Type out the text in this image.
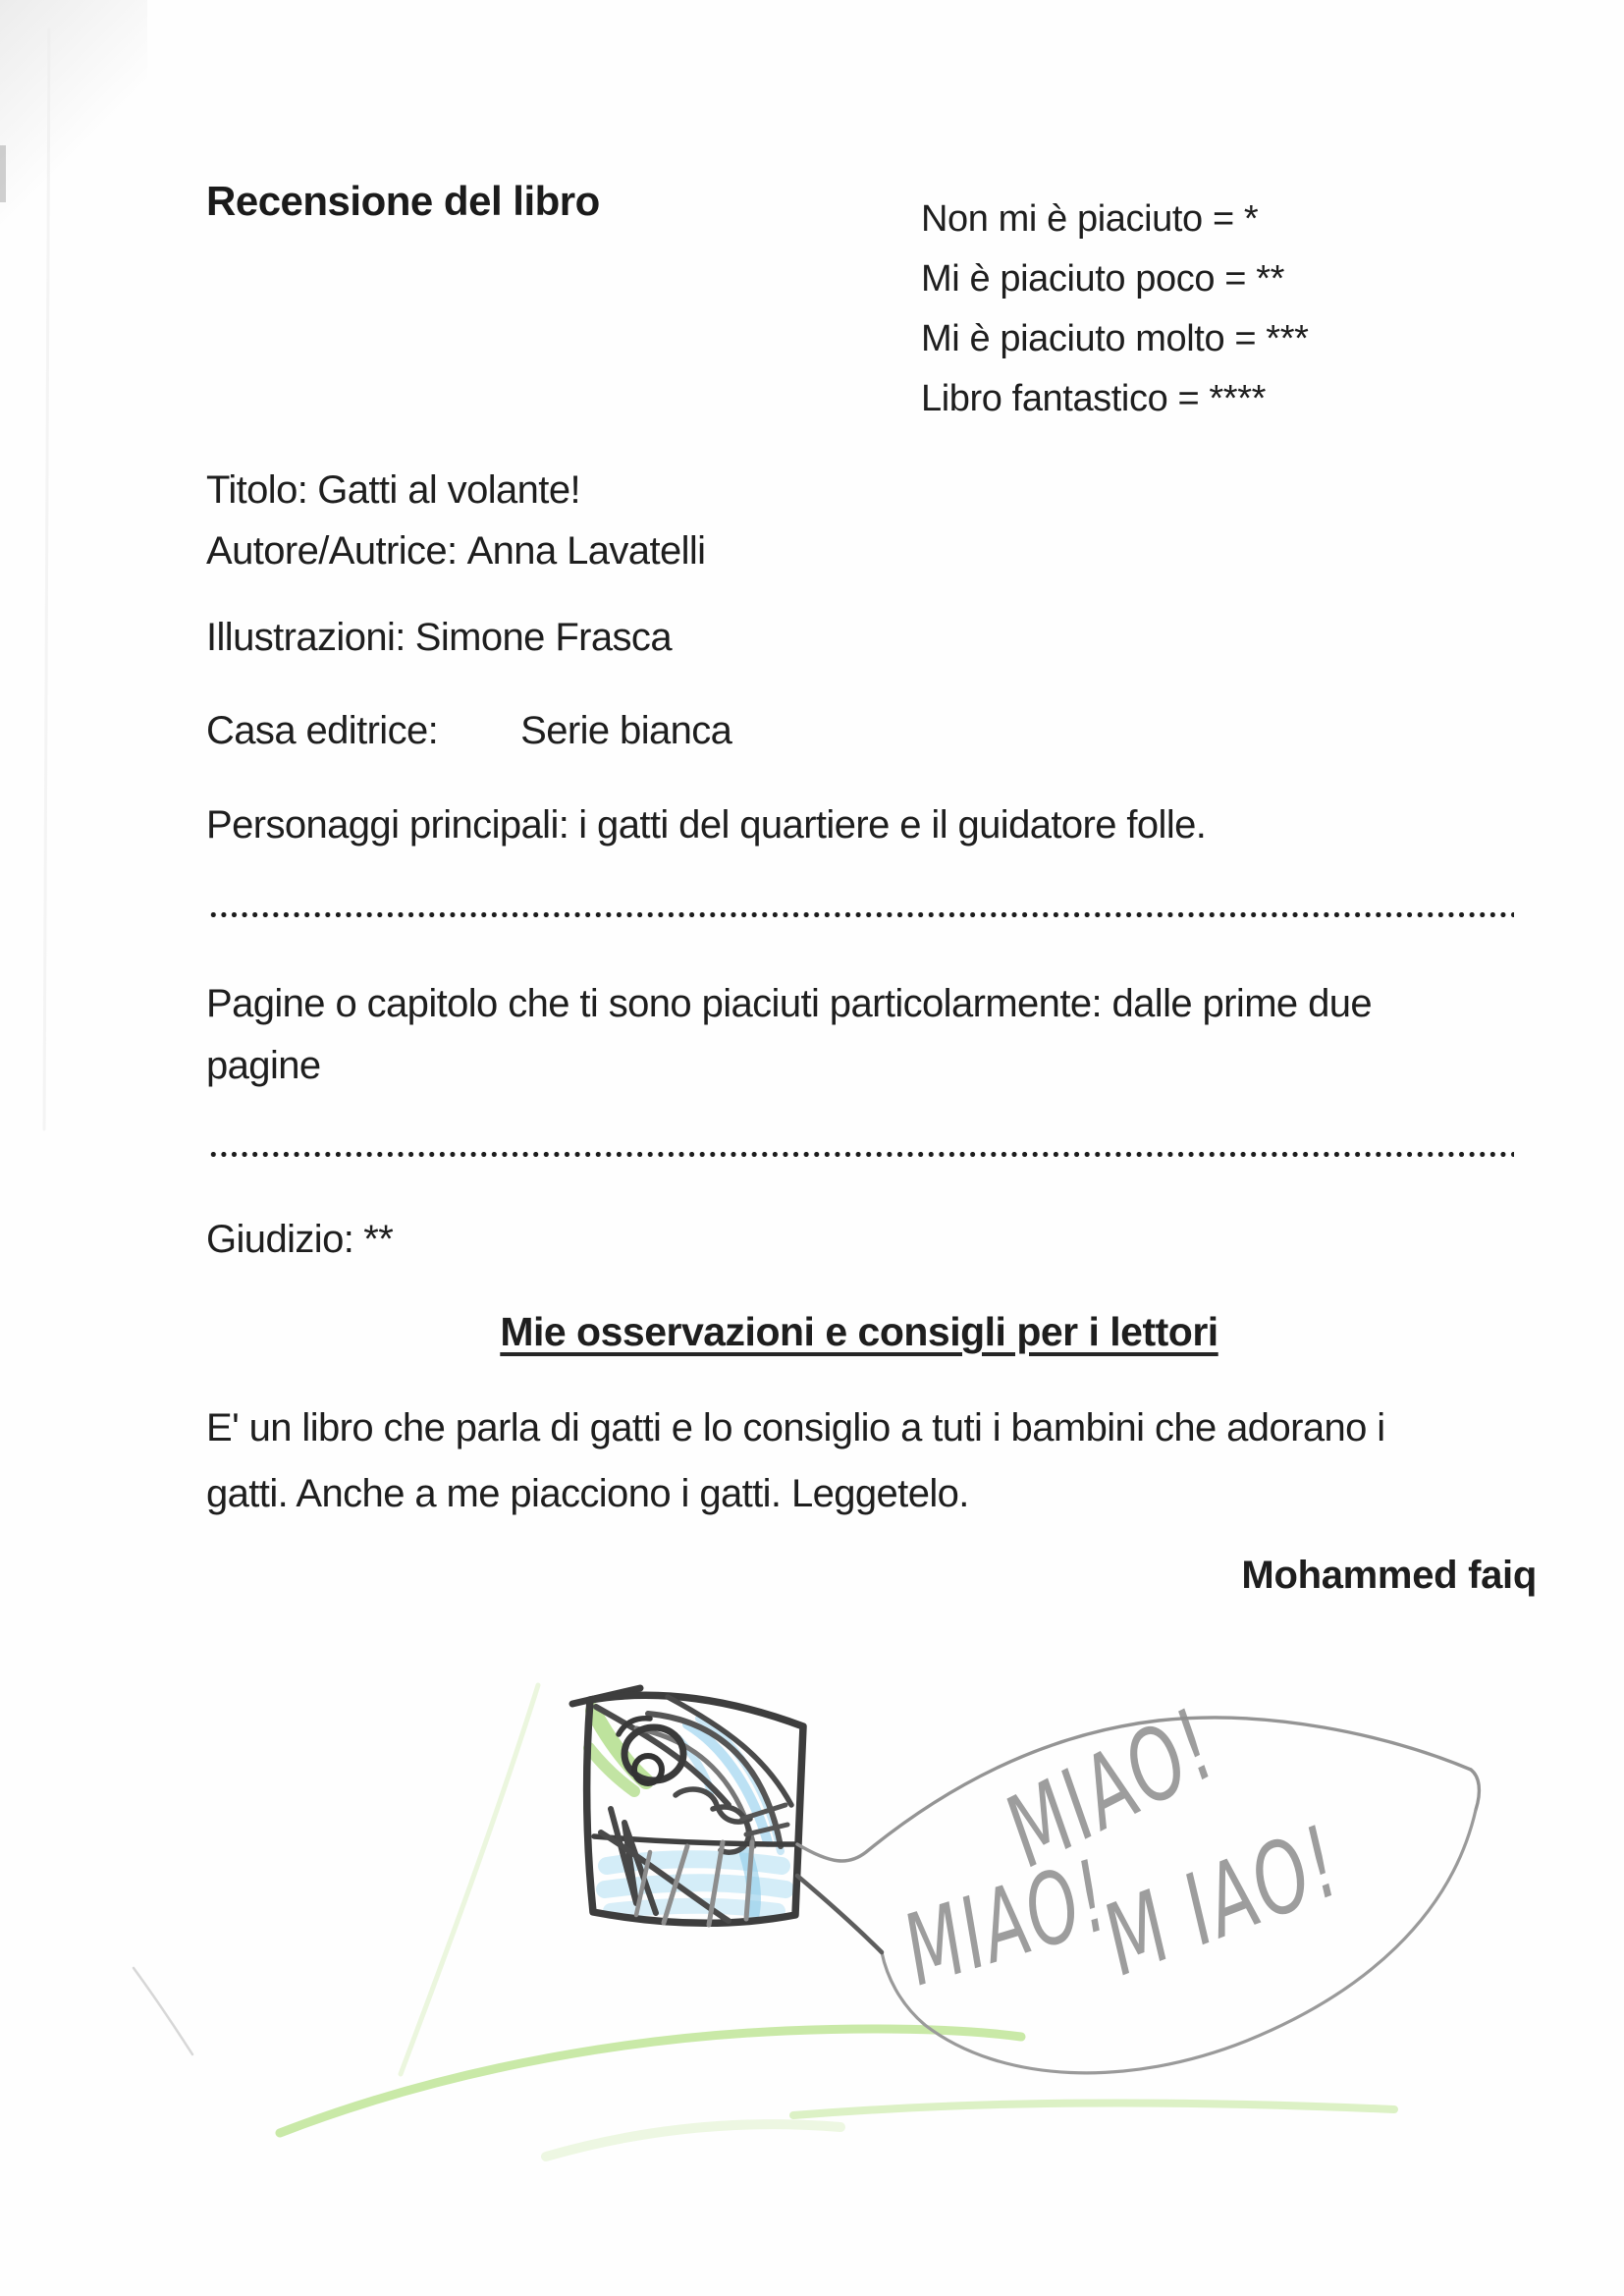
Recensione del libro	Non mi è piaciuto = *
Mi è piaciuto poco = **
Mi è piaciuto molto = ***
Libro fantastico = ****
Titolo: Gatti al volante!
Autore/Autrice: Anna Lavatelli
Illustrazioni: Simone Frasca
Casa editrice: Serie bianca
Personaggi principali: i gatti del quartiere e il guidatore folle.
Pagine o capitolo che ti sono piaciuti particolarmente: dalle prime due
pagine
Giudizio: **
Mie osservazioni e consigli per i lettori
E' un libro che parla di gatti e lo consiglio a tuti i bambini che adorano i
gatti. Anche a me piacciono i gatti. Leggetelo.
Mohammed faiq
MIAO!
MIAO!
M IAO!
